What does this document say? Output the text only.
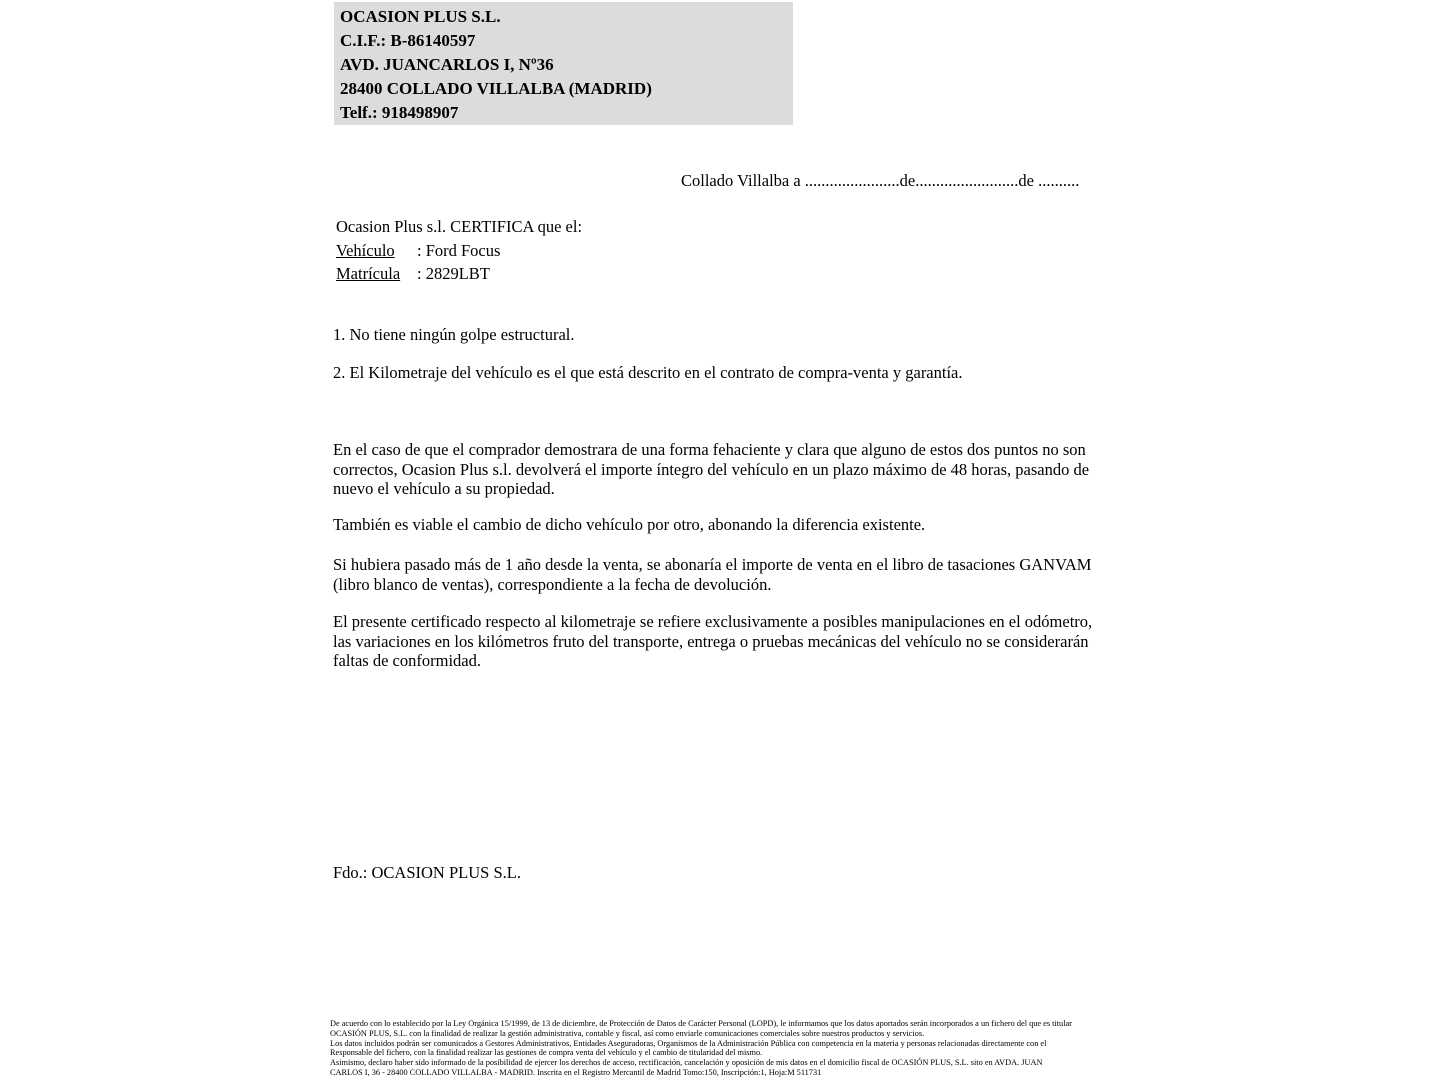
OCASION PLUS S.L.
C.I.F.: B-86140597
AVD. JUANCARLOS I, Nº36
28400 COLLADO VILLALBA (MADRID)
Telf.: 918498907
Collado Villalba a .......................de.........................de ..........
Ocasion Plus s.l. CERTIFICA que el:
Vehículo : Ford Focus
Matrícula : 2829LBT
1. No tiene ningún golpe estructural.
2. El Kilometraje del vehículo es el que está descrito en el contrato de compra-venta y garantía.
En el caso de que el comprador demostrara de una forma fehaciente y clara que alguno de estos dos puntos no son correctos, Ocasion Plus s.l. devolverá el importe íntegro del vehículo en un plazo máximo de 48 horas, pasando de nuevo el vehículo a su propiedad.
También es viable el cambio de dicho vehículo por otro, abonando la diferencia existente.
Si hubiera pasado más de 1 año desde la venta, se abonaría el importe de venta en el libro de tasaciones GANVAM (libro blanco de ventas), correspondiente a la fecha de devolución.
El presente certificado respecto al kilometraje se refiere exclusivamente a posibles manipulaciones en el odómetro, las variaciones en los kilómetros fruto del transporte, entrega o pruebas mecánicas del vehículo no se considerarán faltas de conformidad.
Fdo.: OCASION PLUS S.L.
De acuerdo con lo establecido por la Ley Orgánica 15/1999, de 13 de diciembre, de Protección de Datos de Carácter Personal (LOPD), le informamos que los datos aportados serán incorporados a un fichero del que es titular
OCASIÓN PLUS, S.L. con la finalidad de realizar la gestión administrativa, contable y fiscal, así como enviarle comunicaciones comerciales sobre nuestros productos y servicios.
Los datos incluidos podrán ser comunicados a Gestores Administrativos, Entidades Aseguradoras, Organismos de la Administración Pública con competencia en la materia y personas relacionadas directamente con el
Responsable del fichero, con la finalidad realizar las gestiones de compra venta del vehículo y el cambio de titularidad del mismo.
Asimismo, declaro haber sido informado de la posibilidad de ejercer los derechos de acceso, rectificación, cancelación y oposición de mis datos en el domicilio fiscal de OCASIÓN PLUS, S.L. sito en AVDA. JUAN
CARLOS I, 36 - 28400 COLLADO VILLALBA - MADRID. Inscrita en el Registro Mercantil de Madrid Tomo:150, Inscripción:1, Hoja:M 511731
